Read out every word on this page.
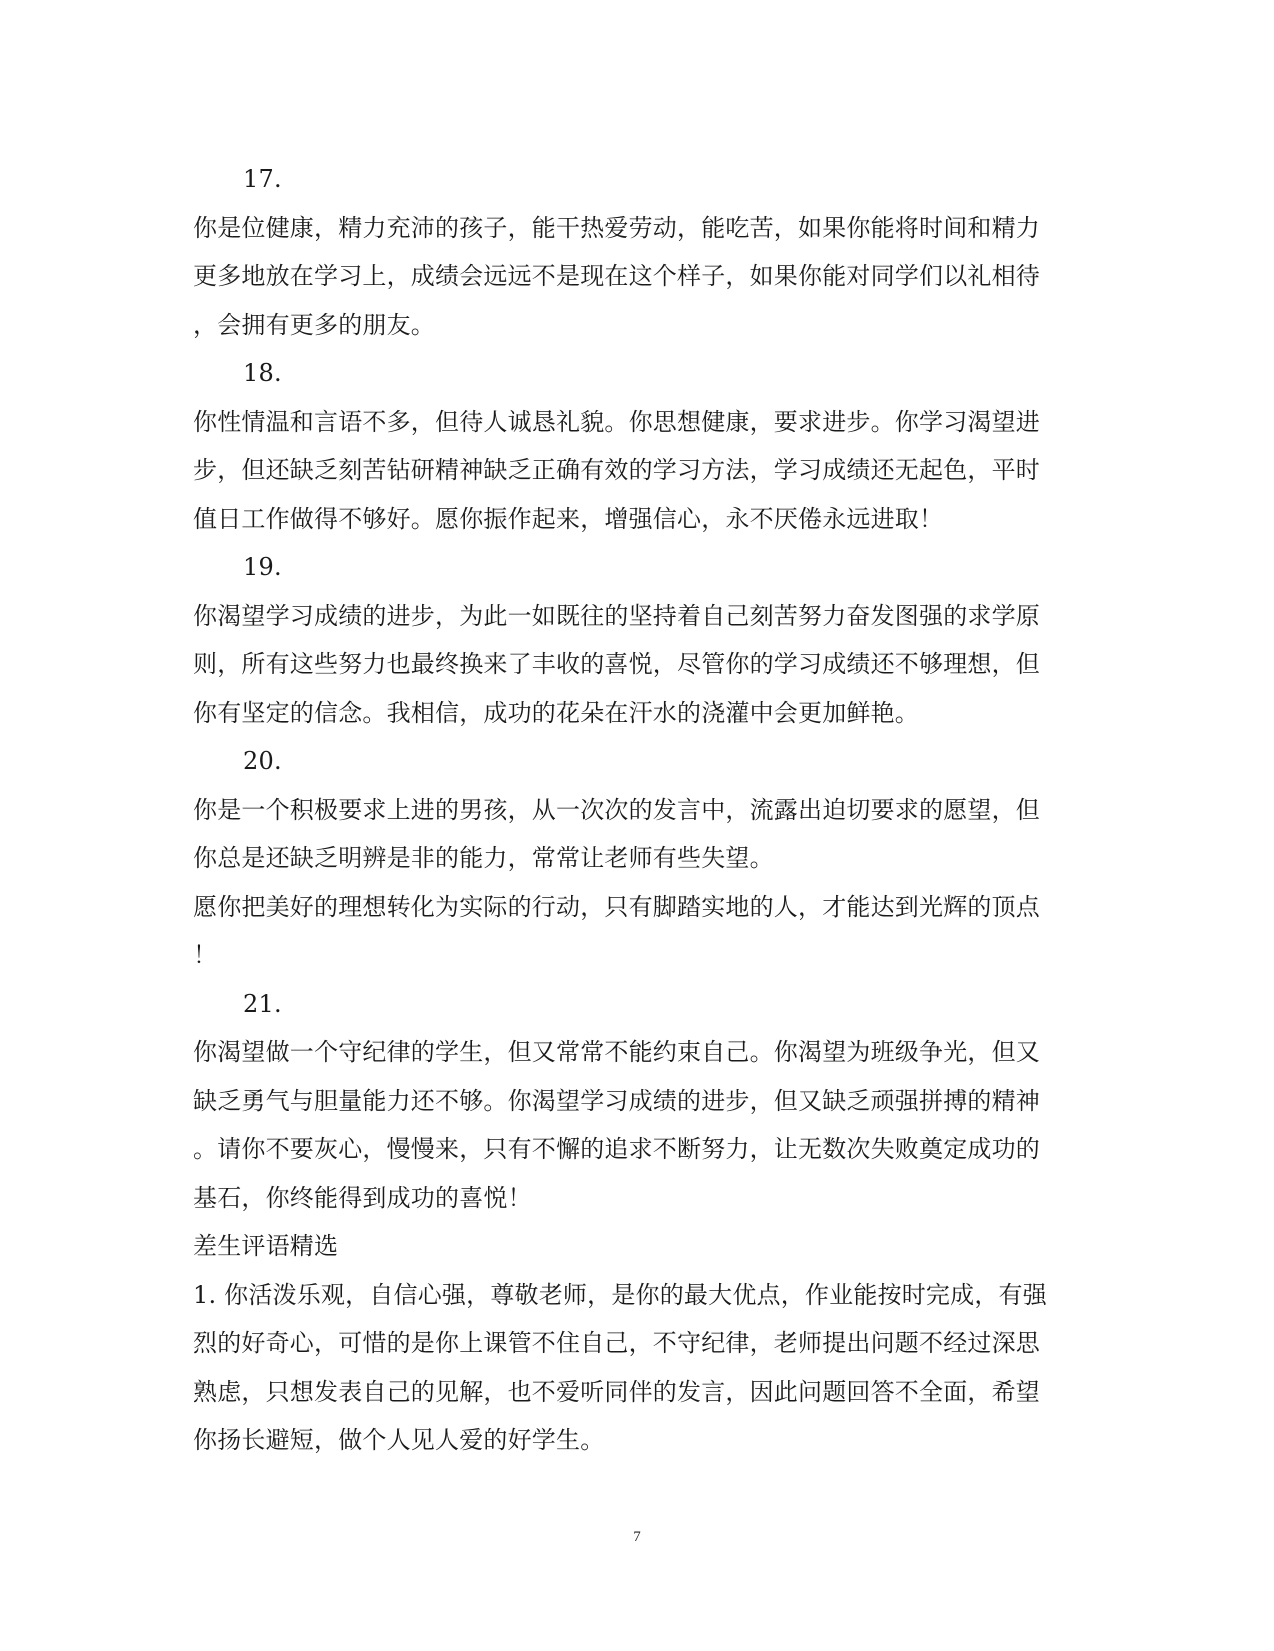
17.
你是位健康，精力充沛的孩子，能干热爱劳动，能吃苦，如果你能将时间和精力
更多地放在学习上，成绩会远远不是现在这个样子，如果你能对同学们以礼相待
，会拥有更多的朋友。
18.
你性情温和言语不多，但待人诚恳礼貌。你思想健康，要求进步。你学习渴望进
步，但还缺乏刻苦钻研精神缺乏正确有效的学习方法，学习成绩还无起色，平时
值日工作做得不够好。愿你振作起来，增强信心，永不厌倦永远进取！
19.
你渴望学习成绩的进步，为此一如既往的坚持着自己刻苦努力奋发图强的求学原
则，所有这些努力也最终换来了丰收的喜悦，尽管你的学习成绩还不够理想，但
你有坚定的信念。我相信，成功的花朵在汗水的浇灌中会更加鲜艳。
20.
你是一个积极要求上进的男孩，从一次次的发言中，流露出迫切要求的愿望，但
你总是还缺乏明辨是非的能力，常常让老师有些失望。
愿你把美好的理想转化为实际的行动，只有脚踏实地的人，才能达到光辉的顶点
！
21.
你渴望做一个守纪律的学生，但又常常不能约束自己。你渴望为班级争光，但又
缺乏勇气与胆量能力还不够。你渴望学习成绩的进步，但又缺乏顽强拼搏的精神
。请你不要灰心，慢慢来，只有不懈的追求不断努力，让无数次失败奠定成功的
基石，你终能得到成功的喜悦！
差生评语精选
1. 你活泼乐观，自信心强，尊敬老师，是你的最大优点，作业能按时完成，有强
烈的好奇心，可惜的是你上课管不住自己，不守纪律，老师提出问题不经过深思
熟虑，只想发表自己的见解，也不爱听同伴的发言，因此问题回答不全面，希望
你扬长避短，做个人见人爱的好学生。
7
